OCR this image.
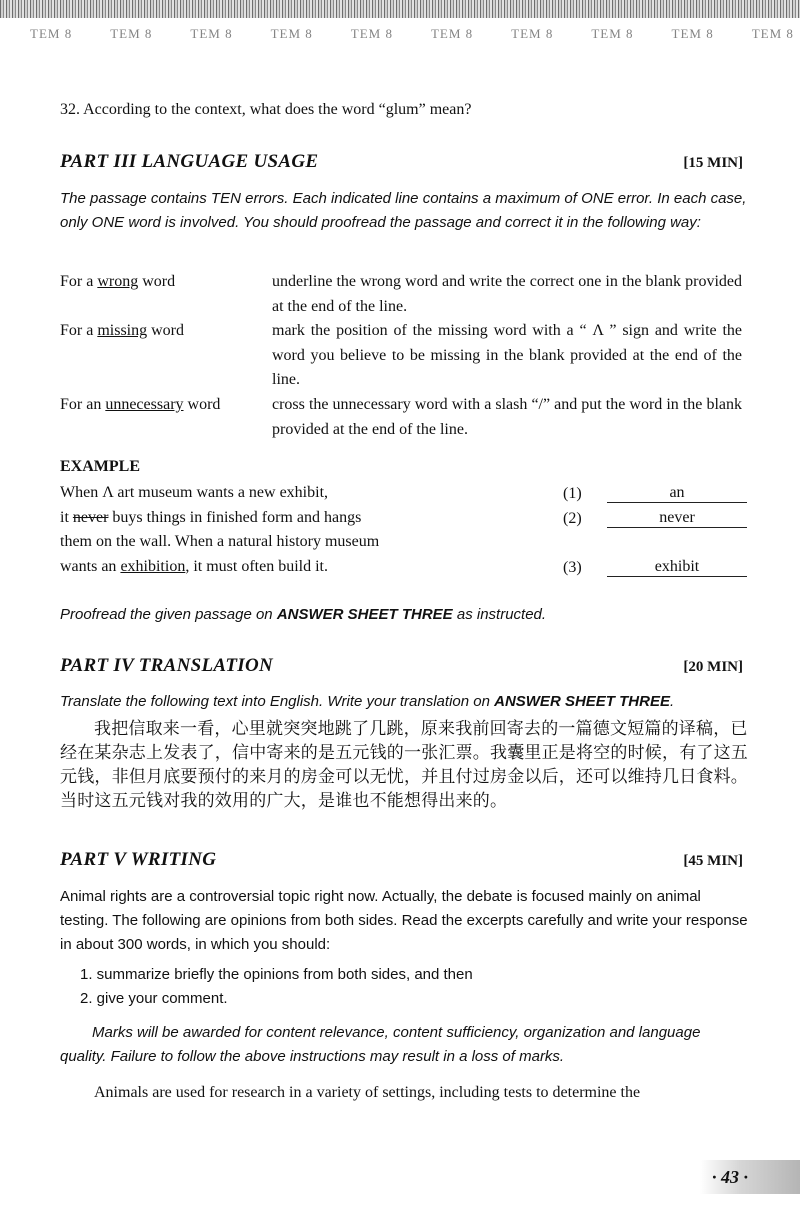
TEM 8	TEM 8	TEM 8	TEM 8	TEM 8	TEM 8	TEM 8	TEM 8	TEM 8	TEM 8
32. According to the context, what does the word “glum” mean?
PART III LANGUAGE USAGE	[15 MIN]
The passage contains TEN errors. Each indicated line contains a maximum of ONE error. In each case, only ONE word is involved. You should proofread the passage and correct it in the following way:
For a wrong word	underline the wrong word and write the correct one in the blank provided at the end of the line.
For a missing word	mark the position of the missing word with a “ Λ ” sign and write the word you believe to be missing in the blank provided at the end of the line.
For an unnecessary word	cross the unnecessary word with a slash “/” and put the word in the blank provided at the end of the line.
EXAMPLE
When Λ art museum wants a new exhibit,
it never buys things in finished form and hangs
them on the wall. When a natural history museum
wants an exhibition, it must often build it.
(1)	an
(2)	never
(3)	exhibit
Proofread the given passage on ANSWER SHEET THREE as instructed.
PART IV TRANSLATION	[20 MIN]
Translate the following text into English. Write your translation on ANSWER SHEET THREE.
我把信取来一看，心里就突突地跳了几跳，原来我前回寄去的一篇德文短篇的译稿，已经在某杂志上发表了，信中寄来的是五元钱的一张汇票。我囊里正是将空的时候，有了这五元钱，非但月底要预付的来月的房金可以无忧，并且付过房金以后，还可以维持几日食料。当时这五元钱对我的效用的广大，是谁也不能想得出来的。
PART V WRITING	[45 MIN]
Animal rights are a controversial topic right now. Actually, the debate is focused mainly on animal testing. The following are opinions from both sides. Read the excerpts carefully and write your response in about 300 words, in which you should:
1. summarize briefly the opinions from both sides, and then
2. give your comment.
Marks will be awarded for content relevance, content sufficiency, organization and language quality. Failure to follow the above instructions may result in a loss of marks.
Animals are used for research in a variety of settings, including tests to determine the
· 43 ·
